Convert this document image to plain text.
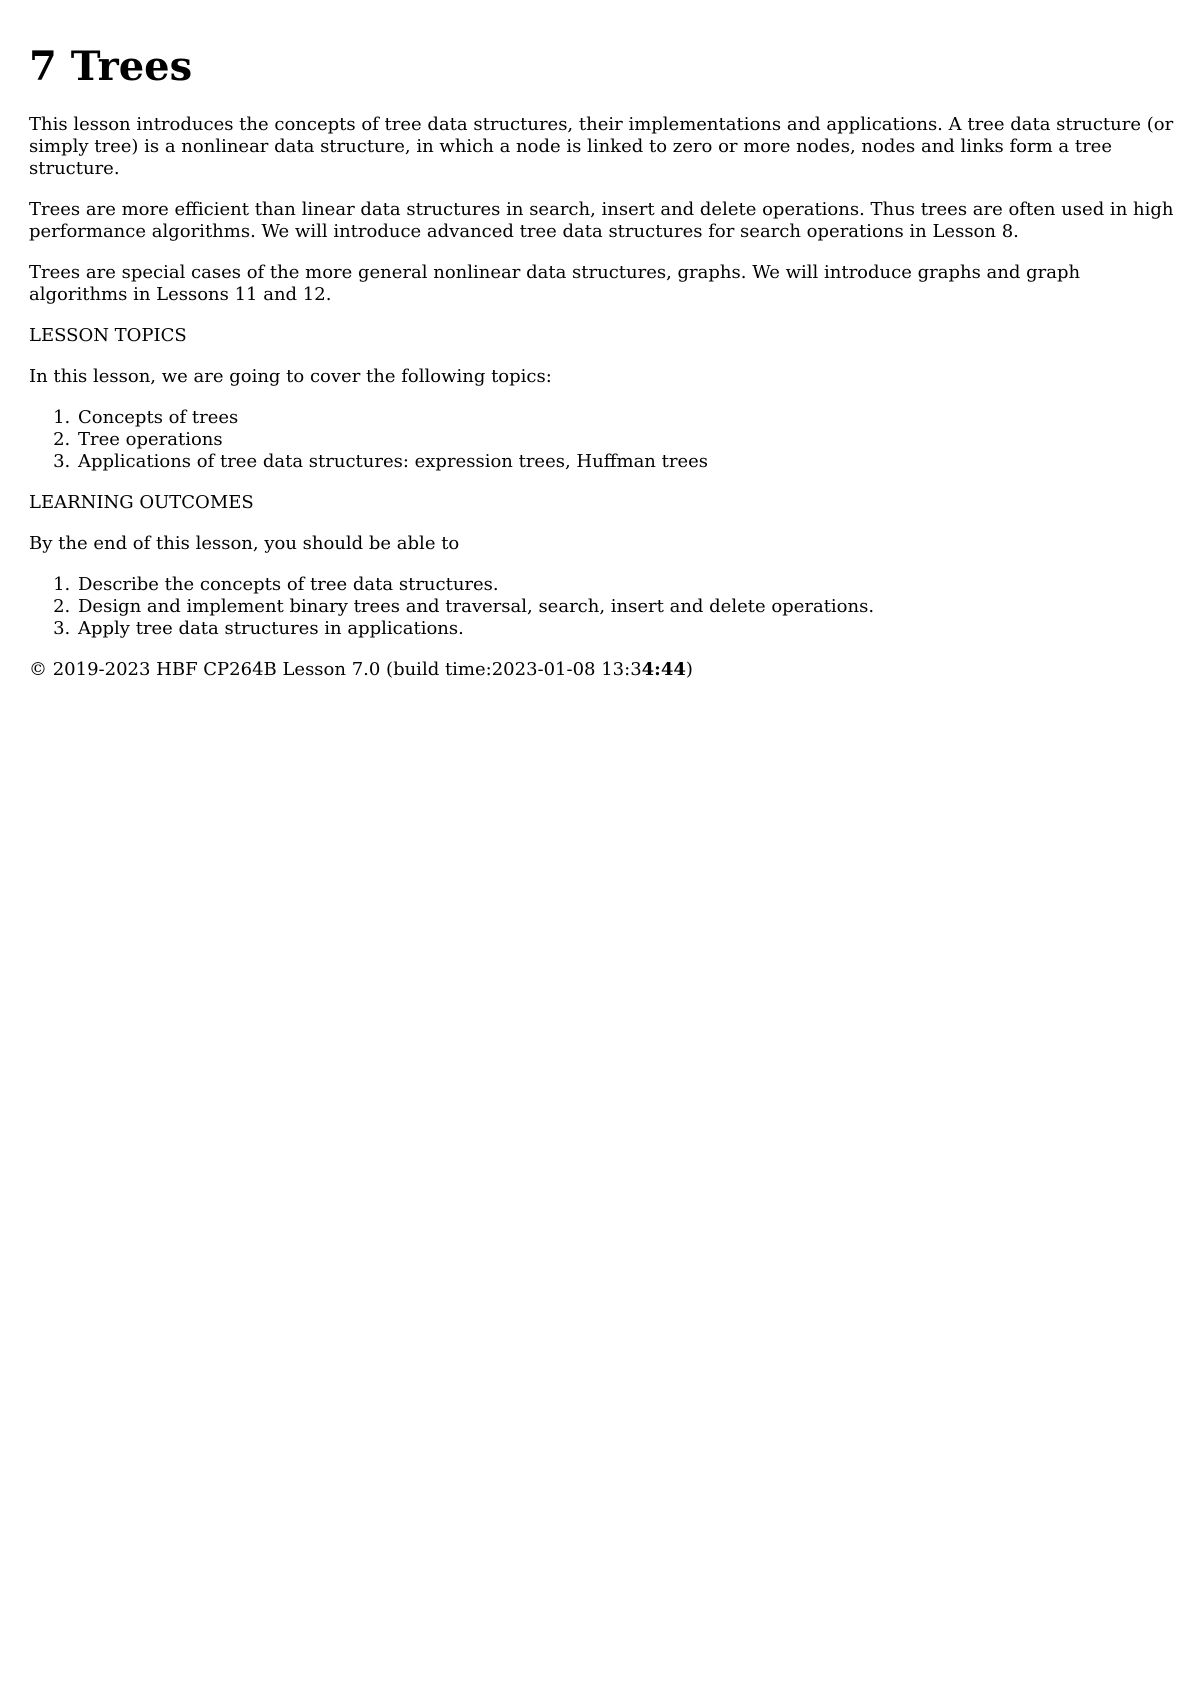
7 Trees

This lesson introduces the concepts of tree data structures, their implementations and applications. A tree data structure (or simply tree) is a nonlinear data structure, in which a node is linked to zero or more nodes, nodes and links form a tree structure.

Trees are more efficient than linear data structures in search, insert and delete operations. Thus trees are often used in high performance algorithms. We will introduce advanced tree data structures for search operations in Lesson 8.

Trees are special cases of the more general nonlinear data structures, graphs. We will introduce graphs and graph algorithms in Lessons 11 and 12.

LESSON TOPICS

In this lesson, we are going to cover the following topics:

1. Concepts of trees
2. Tree operations
3. Applications of tree data structures: expression trees, Huffman trees

LEARNING OUTCOMES

By the end of this lesson, you should be able to

1. Describe the concepts of tree data structures.
2. Design and implement binary trees and traversal, search, insert and delete operations.
3. Apply tree data structures in applications.

© 2019-2023 HBF CP264B Lesson 7.0 (build time:2023-01-08 13:34:44)
